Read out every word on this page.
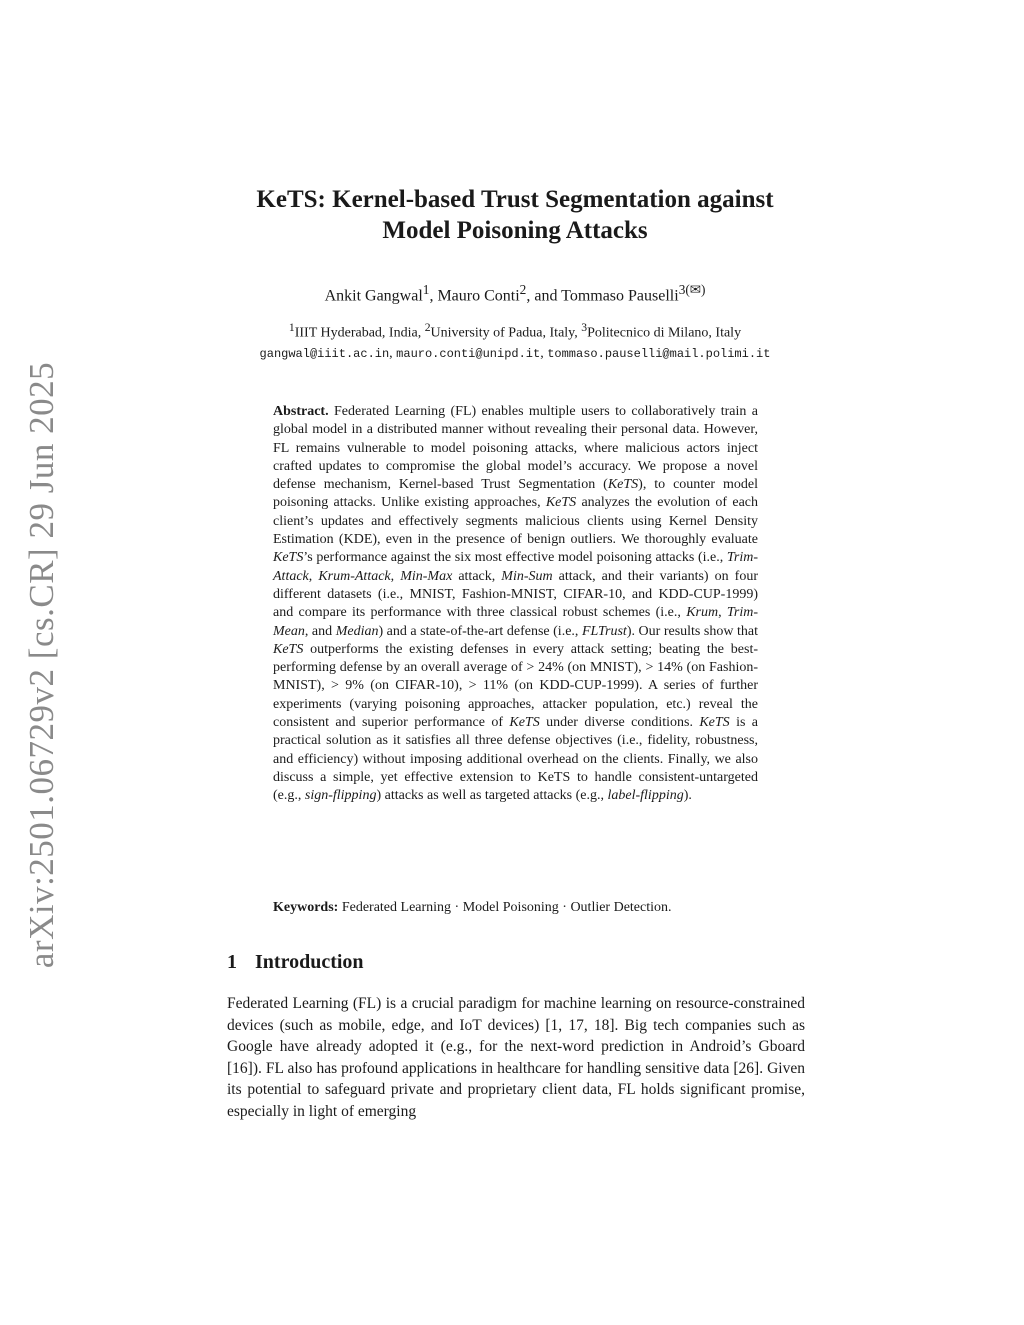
arXiv:2501.06729v2 [cs.CR] 29 Jun 2025
KeTS: Kernel-based Trust Segmentation against
Model Poisoning Attacks
Ankit Gangwal$^1$, Mauro Conti$^2$, and Tommaso Pauselli$^{3(✉)}$
$^1$IIIT Hyderabad, India, $^2$University of Padua, Italy, $^3$Politecnico di Milano, Italy
gangwal@iiit.ac.in, mauro.conti@unipd.it, tommaso.pauselli@mail.polimi.it
Abstract. Federated Learning (FL) enables multiple users to collaboratively train a global model in a distributed manner without revealing their personal data. However, FL remains vulnerable to model poisoning attacks, where malicious actors inject crafted updates to compromise the global model’s accuracy. We propose a novel defense mechanism, Kernel-based Trust Segmentation (KeTS), to counter model poisoning attacks. Unlike existing approaches, KeTS analyzes the evolution of each client’s updates and effectively segments malicious clients using Kernel Density Estimation (KDE), even in the presence of benign outliers. We thoroughly evaluate KeTS’s performance against the six most effective model poisoning attacks (i.e., Trim-Attack, Krum-Attack, Min-Max attack, Min-Sum attack, and their variants) on four different datasets (i.e., MNIST, Fashion-MNIST, CIFAR-10, and KDD-CUP-1999) and compare its performance with three classical robust schemes (i.e., Krum, Trim-Mean, and Median) and a state-of-the-art defense (i.e., FLTrust). Our results show that KeTS outperforms the existing defenses in every attack setting; beating the best-performing defense by an overall average of > 24% (on MNIST), > 14% (on Fashion-MNIST), > 9% (on CIFAR-10), > 11% (on KDD-CUP-1999). A series of further experiments (varying poisoning approaches, attacker population, etc.) reveal the consistent and superior performance of KeTS under diverse conditions. KeTS is a practical solution as it satisfies all three defense objectives (i.e., fidelity, robustness, and efficiency) without imposing additional overhead on the clients. Finally, we also discuss a simple, yet effective extension to KeTS to handle consistent-untargeted (e.g., sign-flipping) attacks as well as targeted attacks (e.g., label-flipping).
Keywords: Federated Learning · Model Poisoning · Outlier Detection.
1 Introduction

Federated Learning (FL) is a crucial paradigm for machine learning on resource-constrained devices (such as mobile, edge, and IoT devices) [1, 17, 18]. Big tech companies such as Google have already adopted it (e.g., for the next-word prediction in Android’s Gboard [16]). FL also has profound applications in healthcare for handling sensitive data [26]. Given its potential to safeguard private and proprietary client data, FL holds significant promise, especially in light of emerging
